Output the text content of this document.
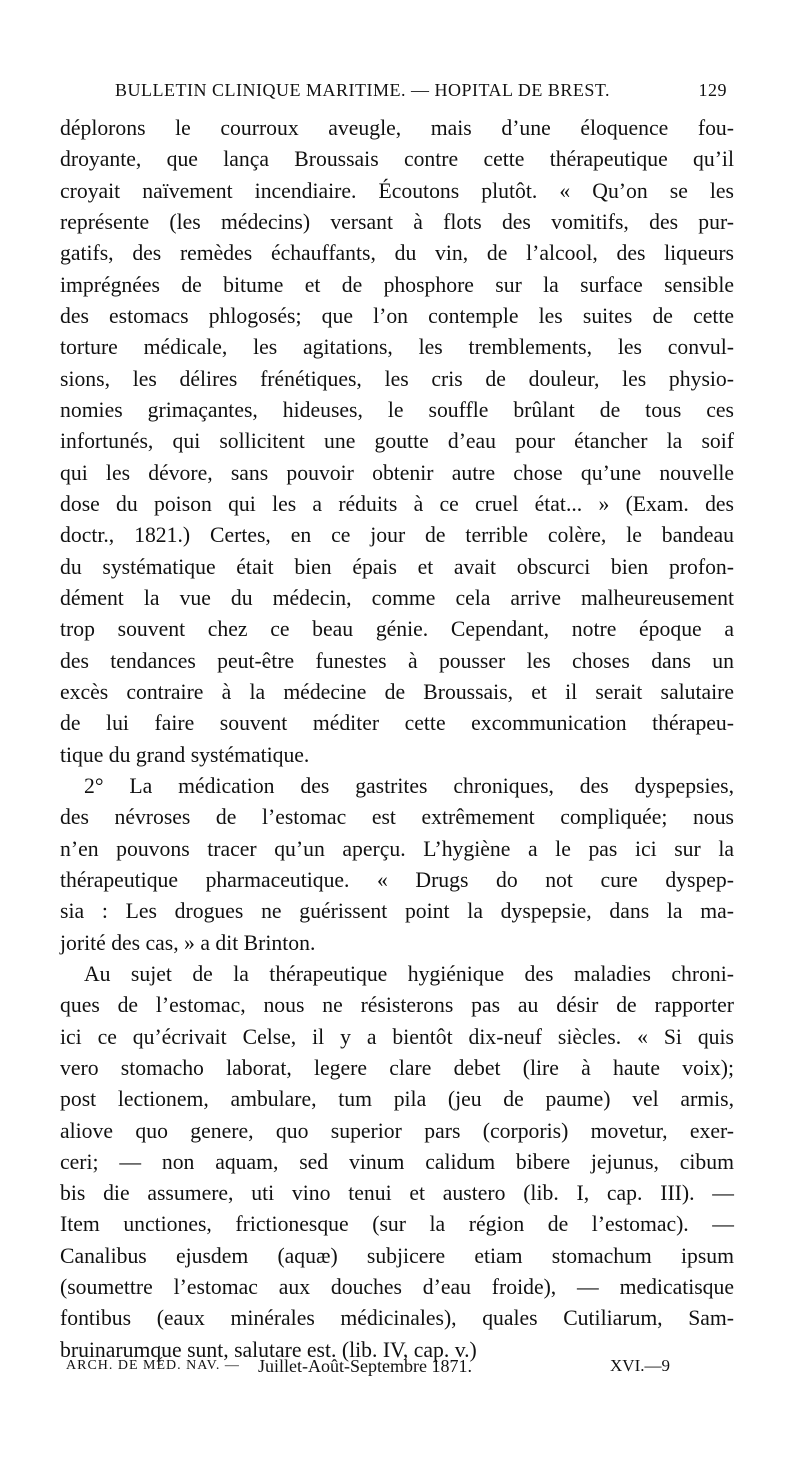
BULLETIN CLINIQUE MARITIME. — HOPITAL DE BREST.	129
déplorons le courroux aveugle, mais d’une éloquence fou-
droyante, que lança Broussais contre cette thérapeutique qu’il
croyait naïvement incendiaire. Écoutons plutôt. « Qu’on se les
représente (les médecins) versant à flots des vomitifs, des pur-
gatifs, des remèdes échauffants, du vin, de l’alcool, des liqueurs
imprégnées de bitume et de phosphore sur la surface sensible
des estomacs phlogosés; que l’on contemple les suites de cette
torture médicale, les agitations, les tremblements, les convul-
sions, les délires frénétiques, les cris de douleur, les physio-
nomies grimaçantes, hideuses, le souffle brûlant de tous ces
infortunés, qui sollicitent une goutte d’eau pour étancher la soif
qui les dévore, sans pouvoir obtenir autre chose qu’une nouvelle
dose du poison qui les a réduits à ce cruel état... » (Exam. des
doctr., 1821.) Certes, en ce jour de terrible colère, le bandeau
du systématique était bien épais et avait obscurci bien profon-
dément la vue du médecin, comme cela arrive malheureusement
trop souvent chez ce beau génie. Cependant, notre époque a
des tendances peut-être funestes à pousser les choses dans un
excès contraire à la médecine de Broussais, et il serait salutaire
de lui faire souvent méditer cette excommunication thérapeu-
tique du grand systématique.
2° La médication des gastrites chroniques, des dyspepsies,
des névroses de l’estomac est extrêmement compliquée; nous
n’en pouvons tracer qu’un aperçu. L’hygiène a le pas ici sur la
thérapeutique pharmaceutique. « Drugs do not cure dyspep-
sia : Les drogues ne guérissent point la dyspepsie, dans la ma-
jorité des cas, » a dit Brinton.
Au sujet de la thérapeutique hygiénique des maladies chroni-
ques de l’estomac, nous ne résisterons pas au désir de rapporter
ici ce qu’écrivait Celse, il y a bientôt dix-neuf siècles. « Si quis
vero stomacho laborat, legere clare debet (lire à haute voix);
post lectionem, ambulare, tum pila (jeu de paume) vel armis,
aliove quo genere, quo superior pars (corporis) movetur, exer-
ceri; — non aquam, sed vinum calidum bibere jejunus, cibum
bis die assumere, uti vino tenui et austero (lib. I, cap. III). —
Item unctiones, frictionesque (sur la région de l’estomac). —
Canalibus ejusdem (aquæ) subjicere etiam stomachum ipsum
(soumettre l’estomac aux douches d’eau froide), — medicatisque
fontibus (eaux minérales médicinales), quales Cutiliarum, Sam-
bruinarumque sunt, salutare est. (lib. IV, cap. v.)
ARCH. DE MÉD. NAV. — Juillet-Août-Septembre 1871.	XVI.—9
